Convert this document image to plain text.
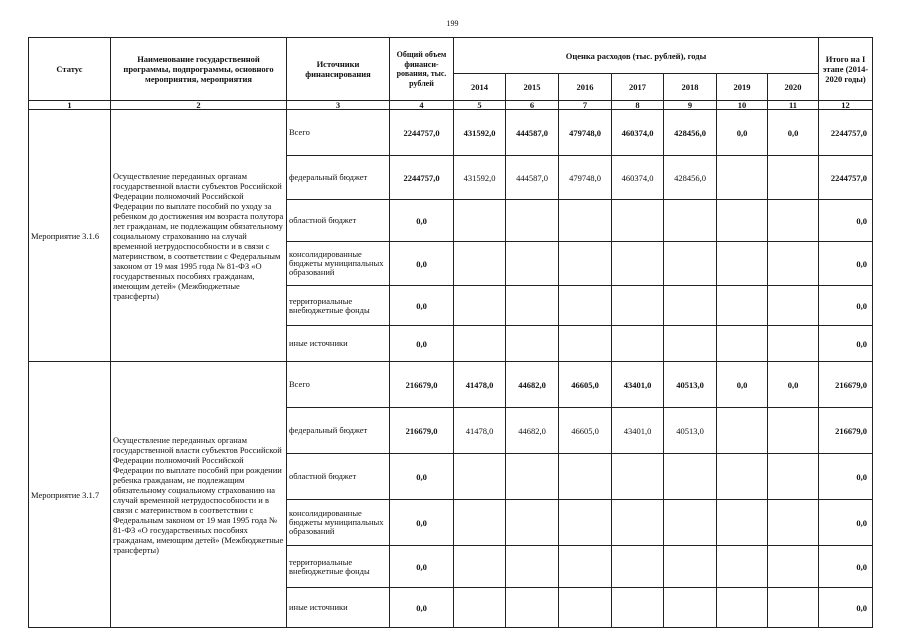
199
Статус	Наименование государственной программы, подпрограммы, основного мероприятия, мероприятия	Источники финансирования	Общий объем финанси-рования, тыс. рублей	Оценка расходов (тыс. рублей), годы							Итого на I этапе (2014-2020 годы)
				2014	2015	2016	2017	2018	2019	2020	
1	2	3	4	5	6	7	8	9	10	11	12
Мероприятие 3.1.6	Осуществление переданных органам государственной власти субъектов Российской Федерации полномочий Российской Федерации по выплате пособий по уходу за ребенком до достижения им возраста полутора лет гражданам, не подлежащим обязательному социальному страхованию на случай временной нетрудоспособности и в связи с материнством, в соответствии с Федеральным законом от 19 мая 1995 года № 81-ФЗ «О государственных пособиях гражданам, имеющим детей» (Межбюджетные трансферты)	Всего	2244757,0	431592,0	444587,0	479748,0	460374,0	428456,0	0,0	0,0	2244757,0
		федеральный бюджет	2244757,0	431592,0	444587,0	479748,0	460374,0	428456,0			2244757,0
		областной бюджет	0,0								0,0
		консолидированные бюджеты муниципальных образований	0,0								0,0
		территориальные внебюджетные фонды	0,0								0,0
		иные источники	0,0								0,0
Мероприятие 3.1.7	Осуществление переданных органам государственной власти субъектов Российской Федерации полномочий Российской Федерации по выплате пособий при рождении ребенка гражданам, не подлежащим обязательному социальному страхованию на случай временной нетрудоспособности и в связи с материнством в соответствии с Федеральным законом от 19 мая 1995 года № 81-ФЗ «О государственных пособиях гражданам, имеющим детей» (Межбюджетные трансферты)	Всего	216679,0	41478,0	44682,0	46605,0	43401,0	40513,0	0,0	0,0	216679,0
		федеральный бюджет	216679,0	41478,0	44682,0	46605,0	43401,0	40513,0			216679,0
		областной бюджет	0,0								0,0
		консолидированные бюджеты муниципальных образований	0,0								0,0
		территориальные внебюджетные фонды	0,0								0,0
		иные источники	0,0								0,0
